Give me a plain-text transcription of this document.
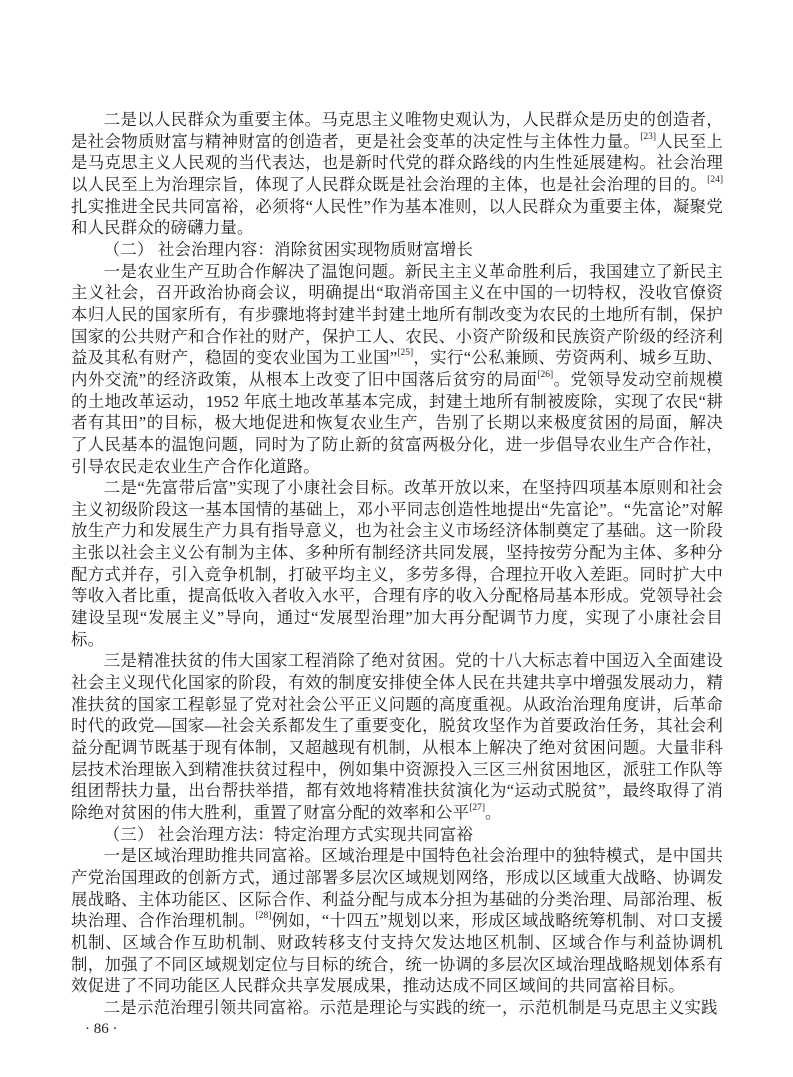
二是以人民群众为重要主体。马克思主义唯物史观认为，人民群众是历史的创造者，是社会物质财富与精神财富的创造者，更是社会变革的决定性与主体性力量。[23]人民至上是马克思主义人民观的当代表达，也是新时代党的群众路线的内生性延展建构。社会治理以人民至上为治理宗旨，体现了人民群众既是社会治理的主体，也是社会治理的目的。[24]扎实推进全民共同富裕，必须将“人民性”作为基本准则，以人民群众为重要主体，凝聚党和人民群众的磅礴力量。

（二） 社会治理内容：消除贫困实现物质财富增长

一是农业生产互助合作解决了温饱问题。新民主主义革命胜利后，我国建立了新民主主义社会，召开政治协商会议，明确提出“取消帝国主义在中国的一切特权，没收官僚资本归人民的国家所有，有步骤地将封建半封建土地所有制改变为农民的土地所有制，保护国家的公共财产和合作社的财产，保护工人、农民、小资产阶级和民族资产阶级的经济利益及其私有财产，稳固的变农业国为工业国”[25]，实行“公私兼顾、劳资两利、城乡互助、内外交流”的经济政策，从根本上改变了旧中国落后贫穷的局面[26]。党领导发动空前规模的土地改革运动，1952 年底土地改革基本完成，封建土地所有制被废除，实现了农民“耕者有其田”的目标，极大地促进和恢复农业生产，告别了长期以来极度贫困的局面，解决了人民基本的温饱问题，同时为了防止新的贫富两极分化，进一步倡导农业生产合作社，引导农民走农业生产合作化道路。

二是“先富带后富”实现了小康社会目标。改革开放以来，在坚持四项基本原则和社会主义初级阶段这一基本国情的基础上，邓小平同志创造性地提出“先富论”。“先富论”对解放生产力和发展生产力具有指导意义，也为社会主义市场经济体制奠定了基础。这一阶段主张以社会主义公有制为主体、多种所有制经济共同发展，坚持按劳分配为主体、多种分配方式并存，引入竞争机制，打破平均主义，多劳多得，合理拉开收入差距。同时扩大中等收入者比重，提高低收入者收入水平，合理有序的收入分配格局基本形成。党领导社会建设呈现“发展主义”导向，通过“发展型治理”加大再分配调节力度，实现了小康社会目标。

三是精准扶贫的伟大国家工程消除了绝对贫困。党的十八大标志着中国迈入全面建设社会主义现代化国家的阶段，有效的制度安排使全体人民在共建共享中增强发展动力，精准扶贫的国家工程彰显了党对社会公平正义问题的高度重视。从政治治理角度讲，后革命时代的政党—国家—社会关系都发生了重要变化，脱贫攻坚作为首要政治任务，其社会利益分配调节既基于现有体制，又超越现有机制，从根本上解决了绝对贫困问题。大量非科层技术治理嵌入到精准扶贫过程中，例如集中资源投入三区三州贫困地区，派驻工作队等组团帮扶力量，出台帮扶举措，都有效地将精准扶贫演化为“运动式脱贫”，最终取得了消除绝对贫困的伟大胜利，重置了财富分配的效率和公平[27]。

（三） 社会治理方法：特定治理方式实现共同富裕

一是区域治理助推共同富裕。区域治理是中国特色社会治理中的独特模式，是中国共产党治国理政的创新方式，通过部署多层次区域规划网络，形成以区域重大战略、协调发展战略、主体功能区、区际合作、利益分配与成本分担为基础的分类治理、局部治理、板块治理、合作治理机制。[28]例如，“十四五”规划以来，形成区域战略统筹机制、对口支援机制、区域合作互助机制、财政转移支付支持欠发达地区机制、区域合作与利益协调机制，加强了不同区域规划定位与目标的统合，统一协调的多层次区域治理战略规划体系有效促进了不同功能区人民群众共享发展成果，推动达成不同区域间的共同富裕目标。

二是示范治理引领共同富裕。示范是理论与实践的统一，示范机制是马克思主义实践

· 86 ·
